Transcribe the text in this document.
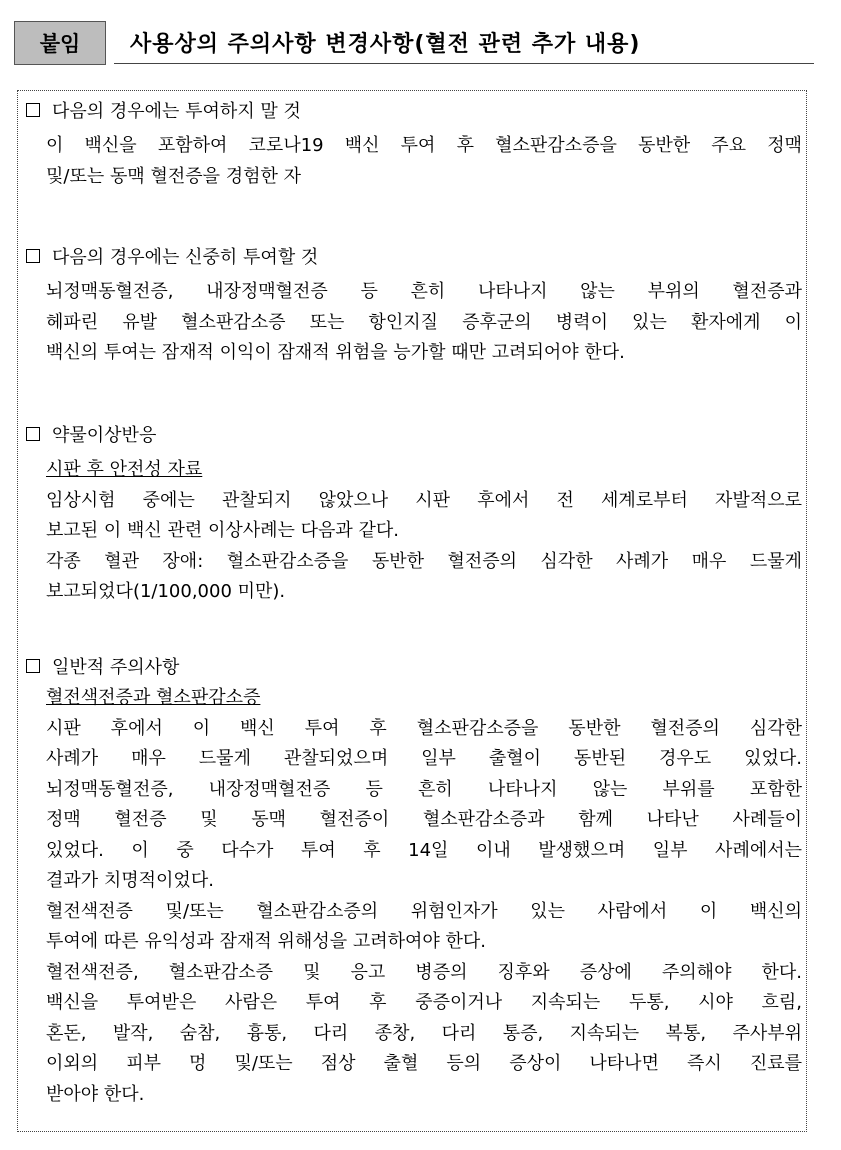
붙임	사용상의 주의사항 변경사항(혈전 관련 추가 내용)
다음의 경우에는 투여하지 말 것
이 백신을 포함하여 코로나19 백신 투여 후 혈소판감소증을 동반한 주요 정맥
및/또는 동맥 혈전증을 경험한 자
다음의 경우에는 신중히 투여할 것
뇌정맥동혈전증, 내장정맥혈전증 등 흔히 나타나지 않는 부위의 혈전증과
헤파린 유발 혈소판감소증 또는 항인지질 증후군의 병력이 있는 환자에게 이
백신의 투여는 잠재적 이익이 잠재적 위험을 능가할 때만 고려되어야 한다.
약물이상반응
시판 후 안전성 자료
임상시험 중에는 관찰되지 않았으나 시판 후에서 전 세계로부터 자발적으로
보고된 이 백신 관련 이상사례는 다음과 같다.
각종 혈관 장애: 혈소판감소증을 동반한 혈전증의 심각한 사례가 매우 드물게
보고되었다(1/100,000 미만).
일반적 주의사항
혈전색전증과 혈소판감소증
시판 후에서 이 백신 투여 후 혈소판감소증을 동반한 혈전증의 심각한
사례가 매우 드물게 관찰되었으며 일부 출혈이 동반된 경우도 있었다.
뇌정맥동혈전증, 내장정맥혈전증 등 흔히 나타나지 않는 부위를 포함한
정맥 혈전증 및 동맥 혈전증이 혈소판감소증과 함께 나타난 사례들이
있었다. 이 중 다수가 투여 후 14일 이내 발생했으며 일부 사례에서는
결과가 치명적이었다.
혈전색전증 및/또는 혈소판감소증의 위험인자가 있는 사람에서 이 백신의
투여에 따른 유익성과 잠재적 위해성을 고려하여야 한다.
혈전색전증, 혈소판감소증 및 응고 병증의 징후와 증상에 주의해야 한다.
백신을 투여받은 사람은 투여 후 중증이거나 지속되는 두통, 시야 흐림,
혼돈, 발작, 숨참, 흉통, 다리 종창, 다리 통증, 지속되는 복통, 주사부위
이외의 피부 멍 및/또는 점상 출혈 등의 증상이 나타나면 즉시 진료를
받아야 한다.
